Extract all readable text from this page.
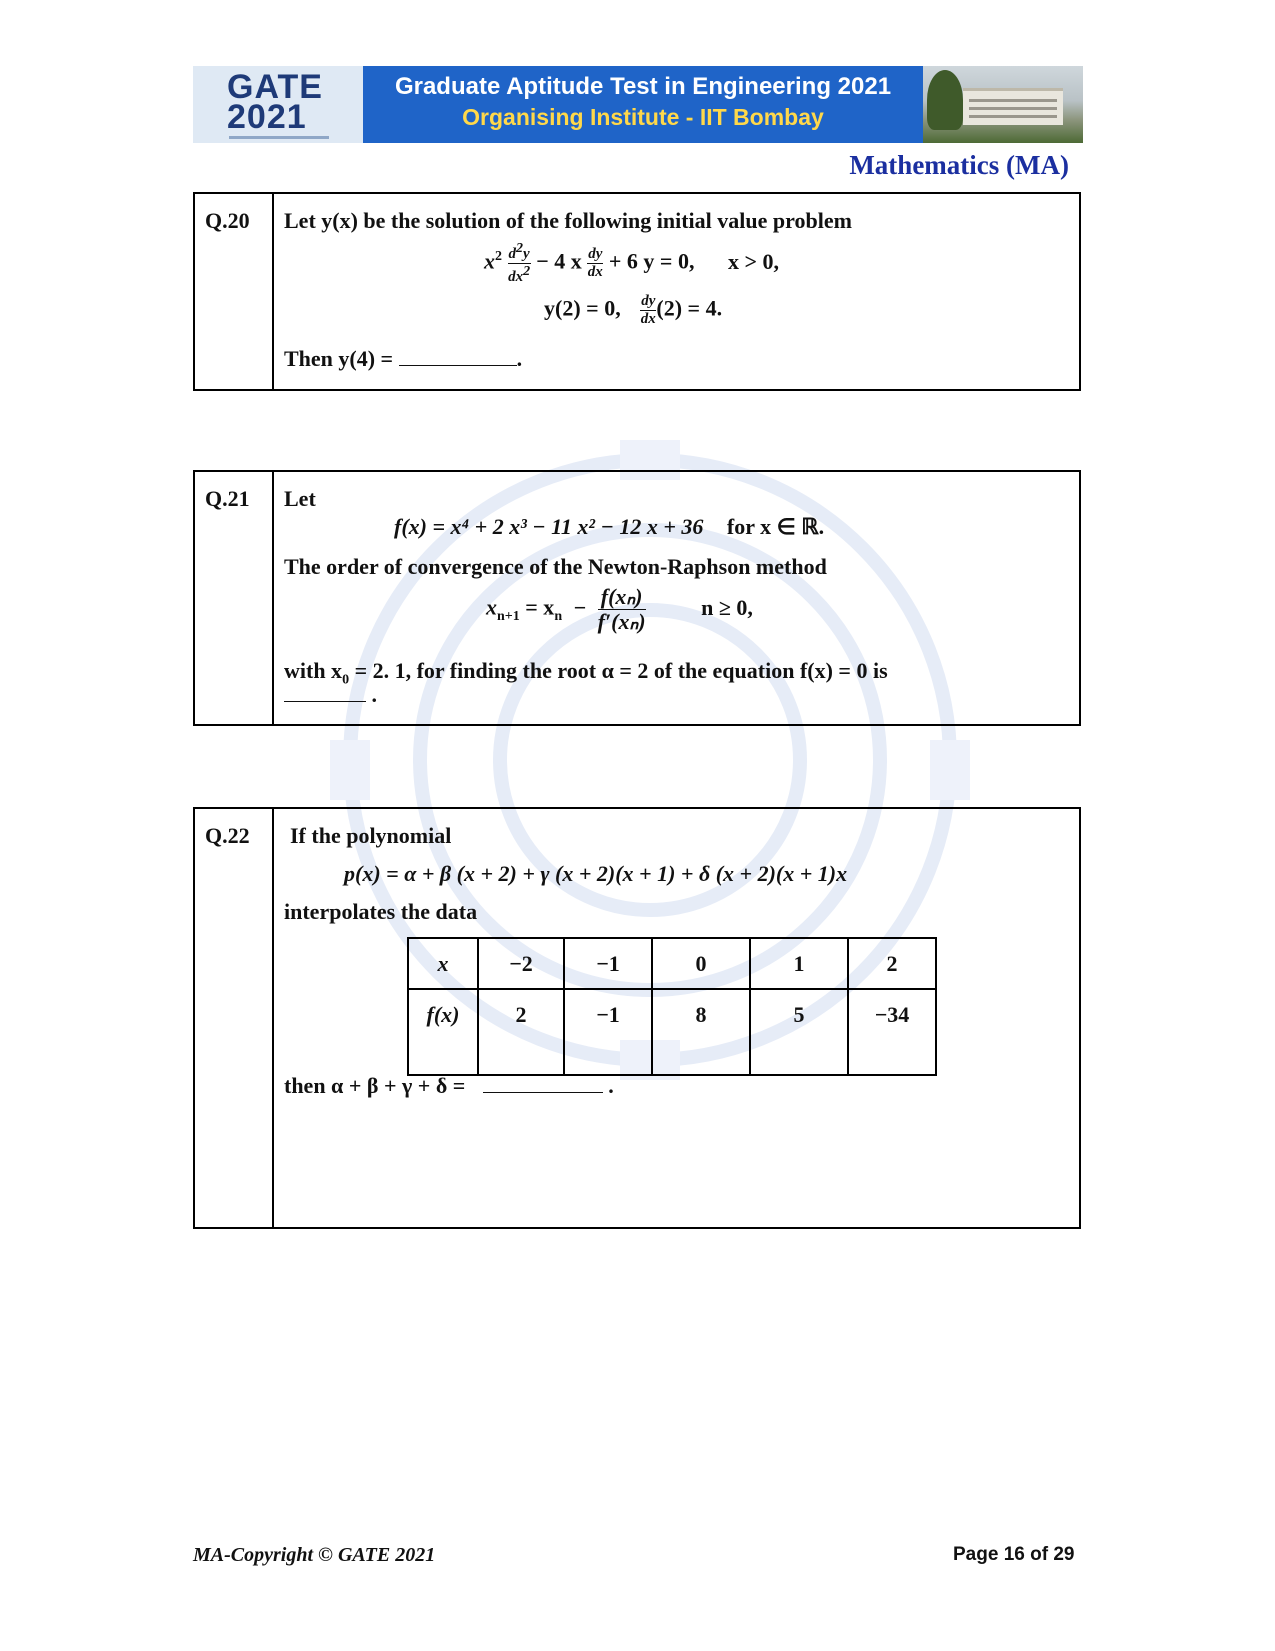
GATE
2021
Graduate Aptitude Test in Engineering 2021
Organising Institute - IIT Bombay
Mathematics (MA)
Q.20	Let y(x) be the solution of the following initial value problem
$x^2 \frac{d^2y}{dx^2} - 4$ x $\frac{dy}{dx} + 6$ y = 0, x > 0,
y(2) = 0, $\frac{dy}{dx} (2) = 4$.
Then y(4) =	.
Q.21	Let
f(x) = x⁴ + 2 x³ − 11 x² − 12 x + 36 for x ∈ ℝ.
The order of convergence of the Newton-Raphson method
$x_{n+1} = x_n - \frac{\text{f(xₙ)}}{\text{f′(xₙ)}}$	n ≥ 0,
with $x_0 = 2$. 1, for finding the root α = 2 of the equation f(x) = 0 is
.
Q.22	If the polynomial
p(x) = α + β (x + 2) + γ (x + 2)(x + 1) + δ (x + 2)(x + 1)x
interpolates the data
x	−2	−1	0	1	2
f(x)	2	−1	8	5	−34
then α + β + γ + δ =	.
MA-Copyright © GATE 2021	Page 16 of 29
